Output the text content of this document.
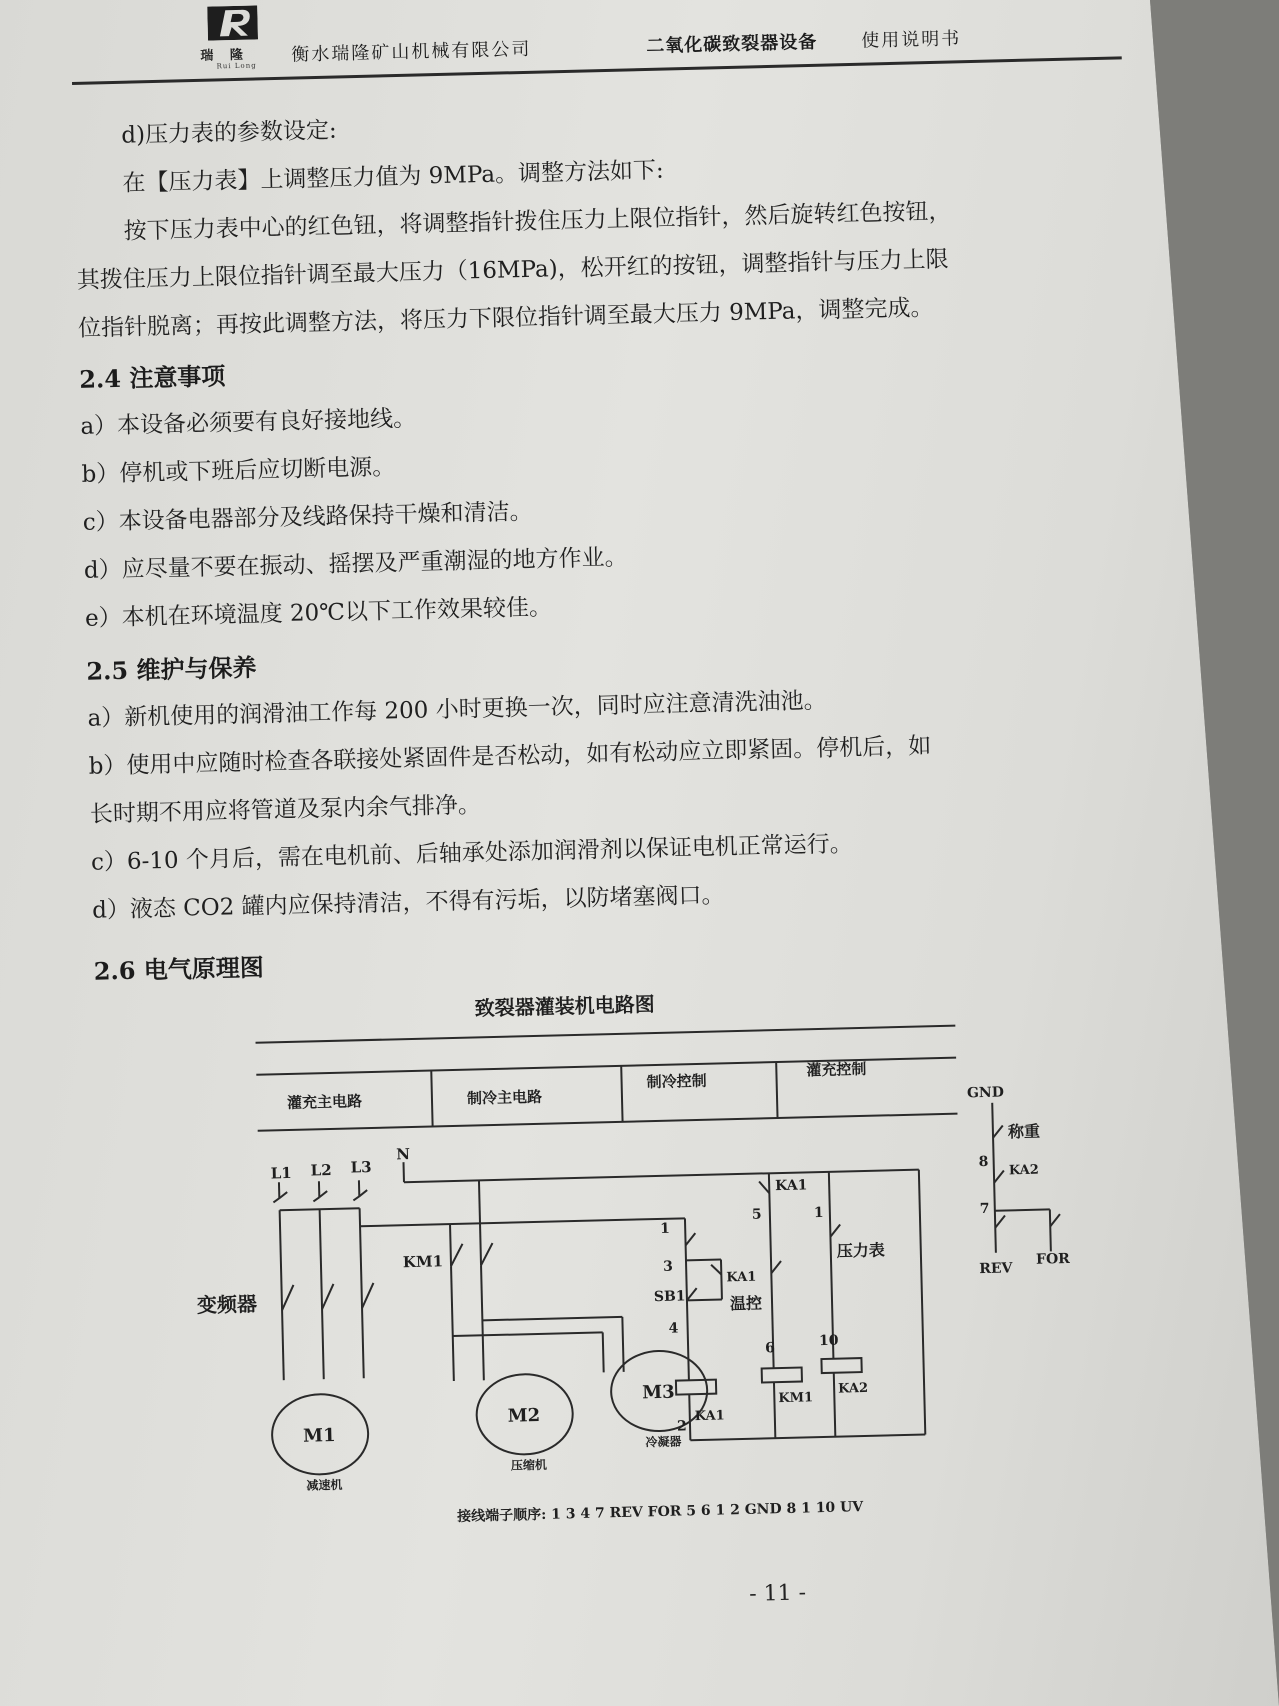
瑞 隆
Rui Long
衡水瑞隆矿山机械有限公司	二氧化碳致裂器设备 使用说明书
d)压力表的参数设定:
在【压力表】上调整压力值为 9MPa。调整方法如下:
按下压力表中心的红色钮，将调整指针拨住压力上限位指针，然后旋转红色按钮，
其拨住压力上限位指针调至最大压力（16MPa)，松开红的按钮，调整指针与压力上限
位指针脱离；再按此调整方法，将压力下限位指针调至最大压力 9MPa，调整完成。
2.4 注意事项
a）本设备必须要有良好接地线。
b）停机或下班后应切断电源。
c）本设备电器部分及线路保持干燥和清洁。
d）应尽量不要在振动、摇摆及严重潮湿的地方作业。
e）本机在环境温度 20℃以下工作效果较佳。
2.5 维护与保养
a）新机使用的润滑油工作每 200 小时更换一次，同时应注意清洗油池。
b）使用中应随时检查各联接处紧固件是否松动，如有松动应立即紧固。停机后，如
长时期不用应将管道及泵内余气排净。
c）6-10 个月后，需在电机前、后轴承处添加润滑剂以保证电机正常运行。
d）液态 CO2 罐内应保持清洁，不得有污垢，以防堵塞阀口。
2.6 电气原理图
致裂器灌装机电路图
灌充主电路	制冷主电路
制冷控制
灌充控制
L1 L2 L3
N
变频器
KM1
M1
减速机
M2
压缩机
M3
冷凝器
1
3
SB1
KA1
4
KA1
2
KA1
5
温控
6
KM1
1
压力表
10
KA2
GND
称重
8
KA2
7
REV
FOR
接线端子顺序: 1 3 4 7 REV FOR 5 6 1 2 GND 8 1 10 UV
- 11 -
